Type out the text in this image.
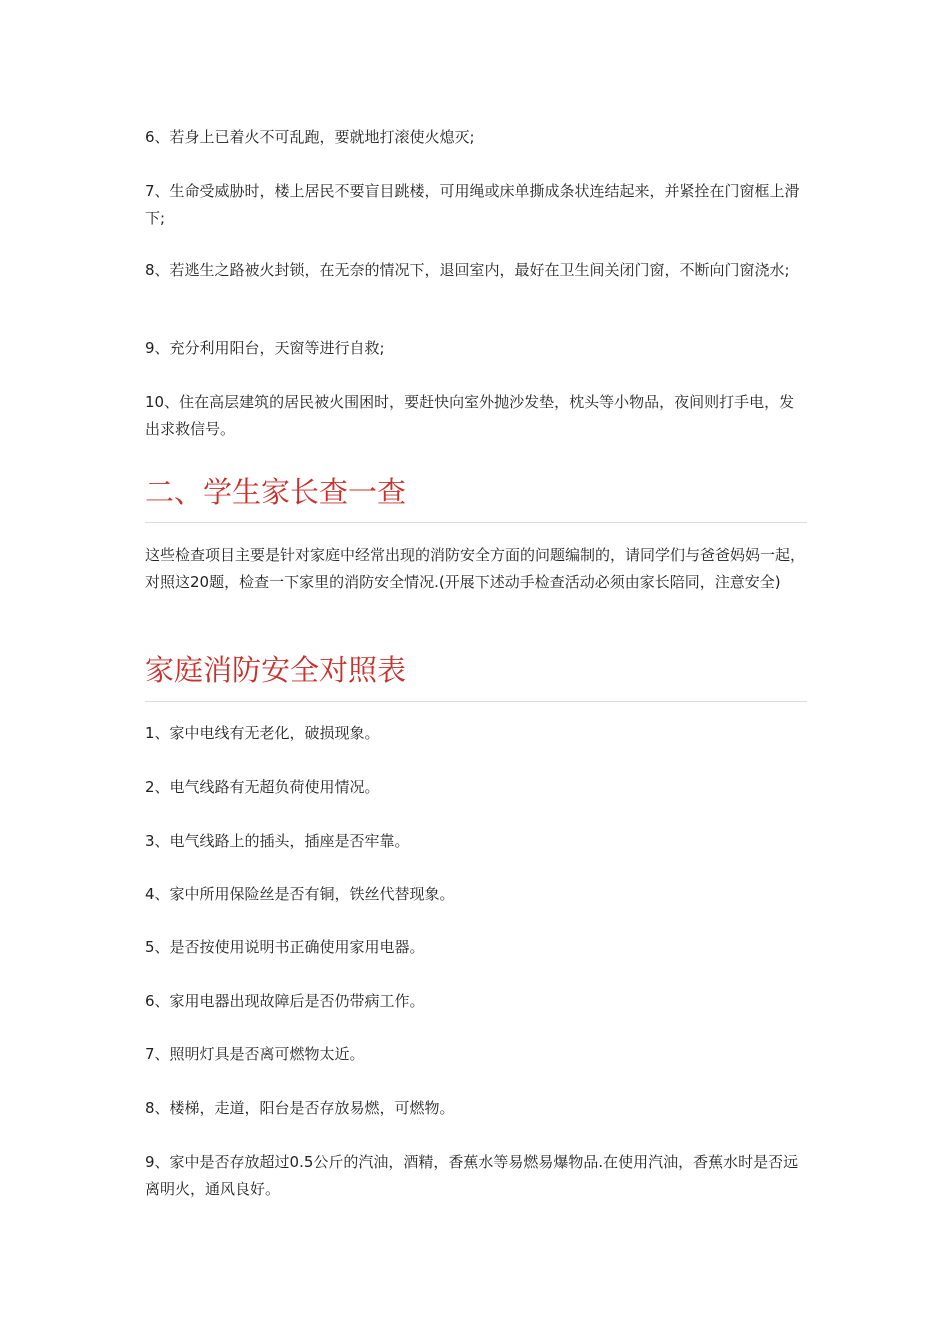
6、若身上已着火不可乱跑，要就地打滚使火熄灭;

7、生命受威胁时，楼上居民不要盲目跳楼，可用绳或床单撕成条状连结起来，并紧拴在门窗框上滑下;

8、若逃生之路被火封锁，在无奈的情况下，退回室内，最好在卫生间关闭门窗，不断向门窗浇水;

9、充分利用阳台，天窗等进行自救;

10、住在高层建筑的居民被火围困时，要赶快向室外抛沙发垫，枕头等小物品，夜间则打手电，发出求救信号。

二、学生家长查一查

这些检查项目主要是针对家庭中经常出现的消防安全方面的问题编制的，请同学们与爸爸妈妈一起，对照这20题，检查一下家里的消防安全情况.(开展下述动手检查活动必须由家长陪同，注意安全)

家庭消防安全对照表

1、家中电线有无老化，破损现象。

2、电气线路有无超负荷使用情况。

3、电气线路上的插头，插座是否牢靠。

4、家中所用保险丝是否有铜，铁丝代替现象。

5、是否按使用说明书正确使用家用电器。

6、家用电器出现故障后是否仍带病工作。

7、照明灯具是否离可燃物太近。

8、楼梯，走道，阳台是否存放易燃，可燃物。

9、家中是否存放超过0.5公斤的汽油，酒精，香蕉水等易燃易爆物品.在使用汽油，香蕉水时是否远离明火，通风良好。
